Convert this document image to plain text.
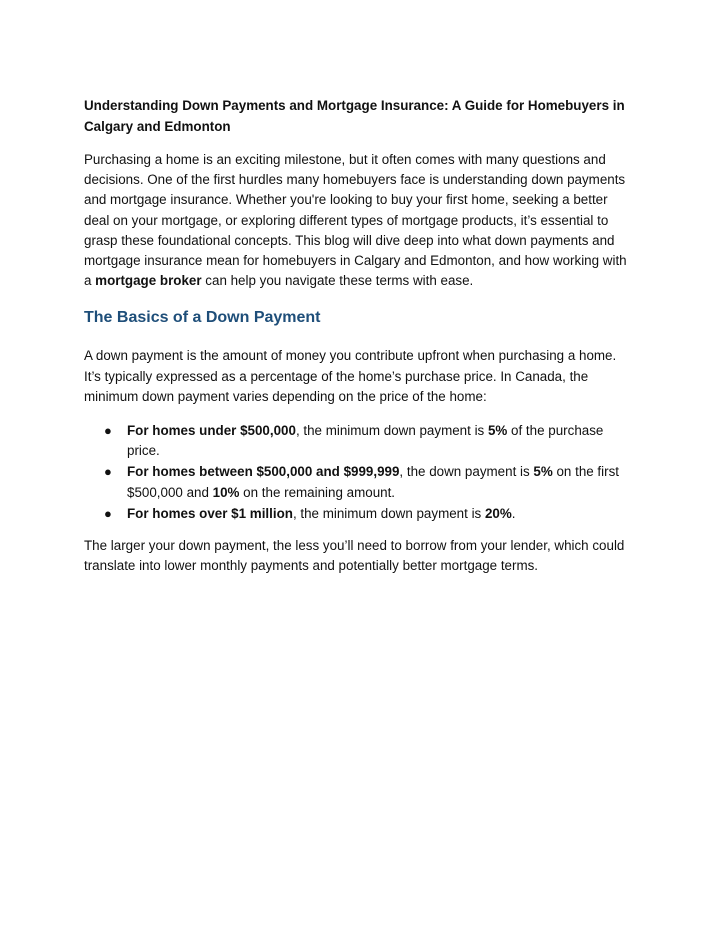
Understanding Down Payments and Mortgage Insurance: A Guide for Homebuyers in Calgary and Edmonton

Purchasing a home is an exciting milestone, but it often comes with many questions and decisions. One of the first hurdles many homebuyers face is understanding down payments and mortgage insurance. Whether you're looking to buy your first home, seeking a better deal on your mortgage, or exploring different types of mortgage products, it’s essential to grasp these foundational concepts. This blog will dive deep into what down payments and mortgage insurance mean for homebuyers in Calgary and Edmonton, and how working with a mortgage broker can help you navigate these terms with ease.

The Basics of a Down Payment

A down payment is the amount of money you contribute upfront when purchasing a home. It’s typically expressed as a percentage of the home’s purchase price. In Canada, the minimum down payment varies depending on the price of the home:

● For homes under $500,000, the minimum down payment is 5% of the purchase price.
● For homes between $500,000 and $999,999, the down payment is 5% on the first $500,000 and 10% on the remaining amount.
● For homes over $1 million, the minimum down payment is 20%.

The larger your down payment, the less you’ll need to borrow from your lender, which could translate into lower monthly payments and potentially better mortgage terms.
